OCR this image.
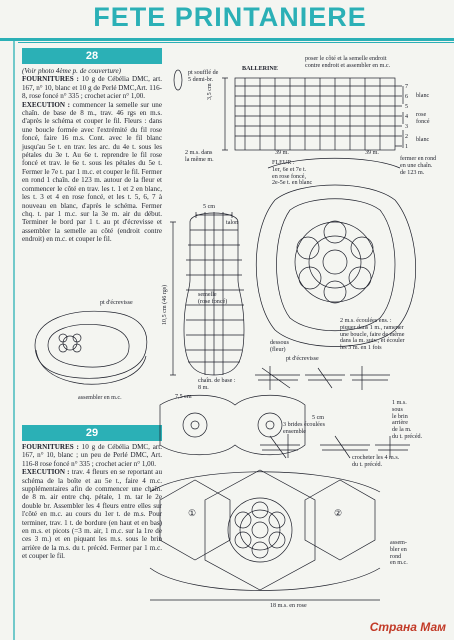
FETE PRINTANIERE
28
(Voir photo 4ème p. de couverture)
FOURNITURES : 10 g de Cébélia DMC, art. 167, n° 10, blanc et 10 g de Perlé DMC,Art. 116-8, rose foncé n° 335 ; crochet acier n° 1,00.
EXECUTION : commencer la semelle sur une chaîn. de base de 8 m., trav. 46 rgs en m.s. d'après le schéma et couper le fil. Fleurs : dans une boucle formée avec l'extrémité du fil rose foncé, faire 16 m.s. Cont. avec le fil blanc jusqu'au 5e t. en trav. les arc. du 4e t. sous les pétales du 3e t. Au 6e t. reprendre le fil rose foncé et trav. le 6e t. sous les pétales du 5e t. Fermer le 7e t. par 1 m.c. et couper le fil. Fermer en rond 1 chaîn. de 123 m. autour de la fleur et commencer le côté en trav. les t. 1 et 2 en blanc, les t. 3 et 4 en rose foncé, et les t. 5, 6, 7 à nouveau en blanc, d'après le schéma. Fermer chq. t. par 1 m.c. sur la 3e m. air du début. Terminer le bord par 1 t. au pt d'écrevisse et assembler la semelle au côté (endroit contre endroit) en m.c. et couper le fil.
29
FOURNITURES : 10 g de Cébélia DMC, art. 167, n° 10, blanc ; un peu de Perlé DMC, Art. 116-8 rose foncé n° 335 ; crochet acier n° 1,00.
EXECUTION : trav. 4 fleurs en se reportant au schéma de la boîte et au 5e t., faire 4 m.c. supplémentaires afin de commencer une chaîn. de 8 m. air entre chq. pétale, 1 m. tar le 2e double br. Assembler les 4 fleurs entre elles sur l'côté en m.c. au cours du 1er t. de m.s. Pour terminer, trav. 1 t. de bordure (en haut et en bas) en m.s. et picots (=3 m. air, 1 m.c. sur la 1re de ces 3 m.) et en piquant les m.s. sous le brin arrière de la m.s. du t. précéd. Fermer par 1 m.c. et couper le fil.
pt soufflé de
5 demi-br.
BALLERINE
poser le côté et la semelle endroit
contre endroit et assembler en m.c.
7
6
5
4
3
2
1
blanc
rose
foncé
blanc
3,5 cm
2 m.s. dans
la même m.
39 m.	39 m.
FLEUR :
1er, 6e et 7e t.
en rose foncé,
2e-5e t. en blanc
fermer en rond
en une chaîn.
de 123 m.
5 cm
talon
10,5 cm (46 rgs)	semelle
(rose foncé)
chaîn. de base :
8 m.
dessous
(fleur)
2 m.s. écoulées ens. :
piquer dans 1 m., ramener
une boucle, faire de même
dans la m. suiv., et écouler
les 3 m. en 1 fois
pt d'écrevisse
pt d'écrevisse
assembler en m.c.	7,5 cm
5 cm
1 m.s.
sous
le brin
arrière
de la m.
du t. précéd.
3 brides écoulées
ensemble
crocheter les 4 m.s.
du t. précéd.
assem-
bler en
rond
en m.c.
18 m.s. en rose
①	②
Страна Мам
